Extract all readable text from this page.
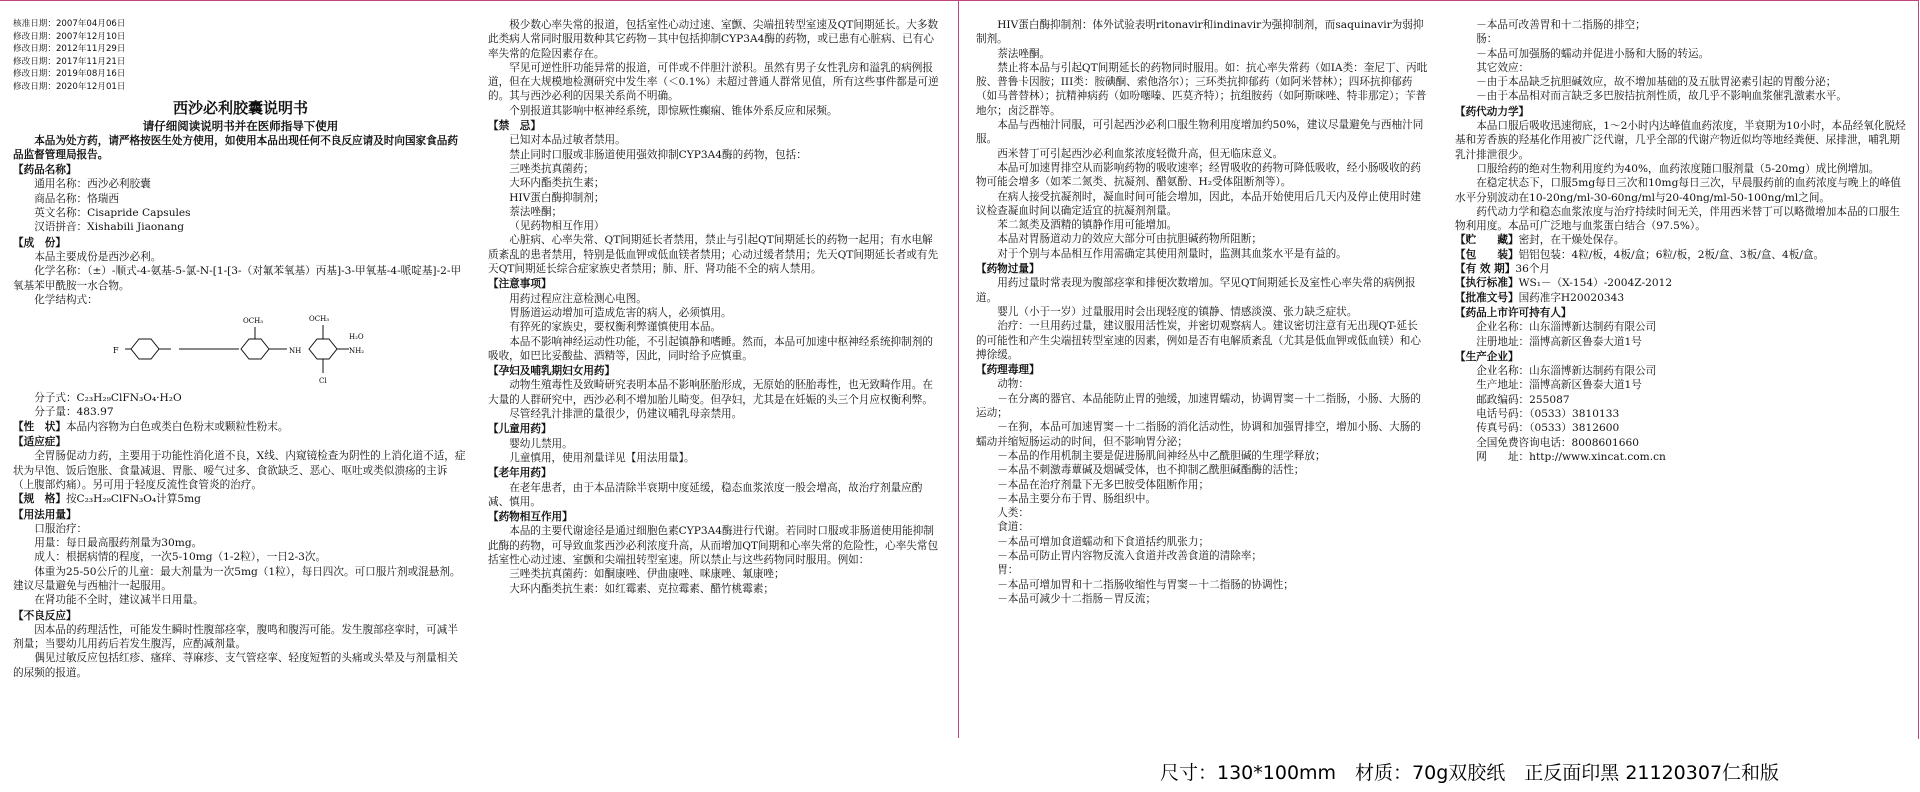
核准日期：2007年04月06日

修改日期：2007年12月10日

修改日期：2012年11月29日

修改日期：2017年11月21日

修改日期：2019年08月16日

修改日期：2020年12月01日

西沙必利胶囊说明书

请仔细阅读说明书并在医师指导下使用

本品为处方药，请严格按医生处方使用，如使用本品出现任何不良反应请及时向国家食品药品监督管理局报告。

【药品名称】

通用名称：西沙必利胶囊

商品名称：恪瑞西

英文名称：Cisapride Capsules

汉语拼音：Xishabili Jiaonang

【成　份】

本品主要成份是西沙必利。

化学名称：（±）-顺式-4-氨基-5-氯-N-[1-[3-（对氟苯氧基）丙基]-3-甲氧基-4-哌啶基]-2-甲氧基苯甲酰胺一水合物。

化学结构式：

F
OCH₃	OCH₃
NH	NH₂
Cl
H₂O

分子式：C₂₃H₂₉ClFN₃O₄·H₂O

分子量：483.97

【性　状】本品内容物为白色或类白色粉末或颗粒性粉末。

【适应症】

全胃肠促动力药，主要用于功能性消化道不良，X线、内窥镜检查为阴性的上消化道不适，症状为早饱、饭后饱胀、食量减退、胃胀、嗳气过多、食欲缺乏、恶心、呕吐或类似溃疡的主诉（上腹部灼痛）。另可用于轻度反流性食管炎的治疗。

【规　格】按C₂₃H₂₉ClFN₃O₄计算5mg

【用法用量】

口服治疗：

用量：每日最高服药剂量为30mg。

成人：根据病情的程度，一次5-10mg（1-2粒），一日2-3次。

体重为25-50公斤的儿童：最大剂量为一次5mg（1粒），每日四次。可口服片剂或混悬剂。建议尽量避免与西柚汁一起服用。

在肾功能不全时，建议减半日用量。

【不良反应】

因本品的药理活性，可能发生瞬时性腹部痉挛，腹鸣和腹泻可能。发生腹部痉挛时，可减半剂量；当婴幼儿用药后若发生腹泻，应酌减剂量。

偶见过敏反应包括红疹、瘙痒、荨麻疹、支气管痉挛、轻度短暂的头痛或头晕及与剂量相关的尿频的报道。

极少数心率失常的报道，包括室性心动过速、室颤、尖端扭转型室速及QT间期延长。大多数此类病人常同时服用数种其它药物－其中包括抑制CYP3A4酶的药物，或已患有心脏病、已有心率失常的危险因素存在。

罕见可逆性肝功能异常的报道，可伴或不伴胆汁淤积。虽然有男子女性乳房和溢乳的病例报道，但在大规模地检测研究中发生率（＜0.1%）未超过普通人群常见值，所有这些事件都是可逆的。其与西沙必利的因果关系尚不明确。

个别报道其影响中枢神经系统，即惊厥性癫痫、锥体外系反应和尿频。

【禁　忌】

已知对本品过敏者禁用。

禁止同时口服或非肠道使用强效抑制CYP3A4酶的药物，包括：

三唑类抗真菌药；

大环内酯类抗生素；

HIV蛋白酶抑制剂；

萘法唑酮；

（见药物相互作用）

心脏病、心率失常、QT间期延长者禁用，禁止与引起QT间期延长的药物一起用；有水电解质紊乱的患者禁用，特别是低血钾或低血镁者禁用；心动过缓者禁用；先天QT间期延长者或有先天QT间期延长综合症家族史者禁用；肺、肝、肾功能不全的病人禁用。

【注意事项】

用药过程应注意检测心电图。

胃肠道运动增加可造成危害的病人，必须慎用。

有猝死的家族史，要权衡利弊谨慎使用本品。

本品不影响神经运动性功能，不引起镇静和嗜睡。然而，本品可加速中枢神经系统抑制剂的吸收，如巴比妥酸盐、酒精等，因此，同时给予应慎重。

【孕妇及哺乳期妇女用药】

动物生殖毒性及致畸研究表明本品不影响胚胎形成，无原始的胚胎毒性，也无致畸作用。在大量的人群研究中，西沙必利不增加胎儿畸变。但孕妇，尤其是在妊娠的头三个月应权衡利弊。

尽管经乳汁排泄的量很少，仍建议哺乳母亲禁用。

【儿童用药】

婴幼儿禁用。

儿童慎用，使用剂量详见【用法用量】。

【老年用药】

在老年患者，由于本品清除半衰期中度延缓，稳态血浆浓度一般会增高，故治疗剂量应酌减、慎用。

【药物相互作用】

本品的主要代谢途径是通过细胞色素CYP3A4酶进行代谢。若同时口服或非肠道使用能抑制此酶的药物，可导致血浆西沙必利浓度升高，从而增加QT间期和心率失常的危险性，心率失常包括室性心动过速、室颤和尖端扭转型室速。所以禁止与这些药物同时服用。例如：

三唑类抗真菌药：如酮康唑、伊曲康唑、咪康唑、氟康唑；

大环内酯类抗生素：如红霉素、克拉霉素、醋竹桃霉素；

HIV蛋白酶抑制剂：体外试验表明ritonavir和indinavir为强抑制剂，而saquinavir为弱抑制剂。

萘法唑酮。

禁止将本品与引起QT间期延长的药物同时服用。如：抗心率失常药（如IA类：奎尼丁、丙吡胺、普鲁卡因胺；III类：胺碘酮、索他洛尔）；三环类抗抑郁药（如阿米替林）；四环抗抑郁药（如马普替林）；抗精神病药（如吩噻嗪、匹莫齐特）；抗组胺药（如阿斯咪唑、特非那定）；苄普地尔；卤泛群等。

本品与西柚汁同服，可引起西沙必利口服生物利用度增加约50%，建议尽量避免与西柚汁同服。

西米替丁可引起西沙必利血浆浓度轻微升高，但无临床意义。

本品可加速胃排空从而影响药物的吸收速率；经胃吸收的药物可降低吸收，经小肠吸收的药物可能会增多（如苯二氮类、抗凝剂、醋氨酚、H₂受体阻断剂等）。

在病人接受抗凝剂时，凝血时间可能会增加，因此，本品开始使用后几天内及停止使用时建议检查凝血时间以确定适宜的抗凝剂剂量。

苯二氮类及酒精的镇静作用可能增加。

本品对胃肠道动力的效应大部分可由抗胆碱药物所阻断；

对于个别与本品相互作用需确定其使用剂量时，监测其血浆水平是有益的。

【药物过量】

用药过量时常表现为腹部痉挛和排便次数增加。罕见QT间期延长及室性心率失常的病例报道。

婴儿（小于一岁）过量服用时会出现轻度的镇静、情感淡漠、张力缺乏症状。

治疗：一旦用药过量，建议服用活性炭，并密切观察病人。建议密切注意有无出现QT-延长的可能性和产生尖端扭转型室速的因素，例如是否有电解质紊乱（尤其是低血钾或低血镁）和心搏徐缓。

【药理毒理】

动物：

－在分离的器官、本品能防止胃的弛缓，加速胃蠕动，协调胃窦－十二指肠，小肠、大肠的运动；

－在狗，本品可加速胃窦－十二指肠的消化活动性，协调和加强胃排空，增加小肠、大肠的蠕动并缩短肠运动的时间，但不影响胃分泌；

－本品的作用机制主要是促进肠肌间神经丛中乙酰胆碱的生理学释放；

－本品不刺激毒蕈碱及烟碱受体，也不抑制乙酰胆碱酯酶的活性；

－本品在治疗剂量下无多巴胺受体阻断作用；

－本品主要分布于胃、肠组织中。

人类：

食道：

－本品可增加食道蠕动和下食道括约肌张力；

－本品可防止胃内容物反流入食道并改善食道的清除率；

胃：

－本品可增加胃和十二指肠收缩性与胃窦－十二指肠的协调性；

－本品可减少十二指肠－胃反流；

－本品可改善胃和十二指肠的排空；

肠：

－本品可加强肠的蠕动并促进小肠和大肠的转运。

其它效应：

－由于本品缺乏抗胆碱效应，故不增加基础的及五肽胃泌素引起的胃酸分泌；

－由于本品相对而言缺乏多巴胺拮抗剂性质，故几乎不影响血浆催乳激素水平。

【药代动力学】

本品口服后吸收迅速彻底，1～2小时内达峰值血药浓度，半衰期为10小时，本品经氧化脱烃基和芳香族的羟基化作用被广泛代谢，几乎全部的代谢产物近似均等地经粪便、尿排泄，哺乳期乳汁排泄很少。

口服给药的绝对生物利用度约为40%，血药浓度随口服剂量（5-20mg）成比例增加。

在稳定状态下，口服5mg每日三次和10mg每日三次，早晨服药前的血药浓度与晚上的峰值水平分别波动在10-20ng/ml-30-60ng/ml与20-40ng/ml-50-100ng/ml之间。

药代动力学和稳态血浆浓度与治疗持续时间无关，伴用西米替丁可以略微增加本品的口服生物利用度。本品可广泛地与血浆蛋白结合（97.5%）。

【贮　　藏】密封，在干燥处保存。

【包　　装】铝铝包装：4粒/板，4板/盒；6粒/板，2板/盒、3板/盒、4板/盒。

【有 效 期】36个月

【执行标准】WS₁－（X-154）-2004Z-2012

【批准文号】国药准字H20020343

【药品上市许可持有人】

企业名称：山东淄博新达制药有限公司

注册地址：淄博高新区鲁泰大道1号

【生产企业】

企业名称：山东淄博新达制药有限公司

生产地址：淄博高新区鲁泰大道1号

邮政编码：255087

电话号码：（0533）3810133

传真号码：（0533）3812600

全国免费咨询电话：8008601660

网　　址：http://www.xincat.com.cn

尺寸：130*100mm　材质：70g双胶纸　正反面印黑 21120307仁和版
